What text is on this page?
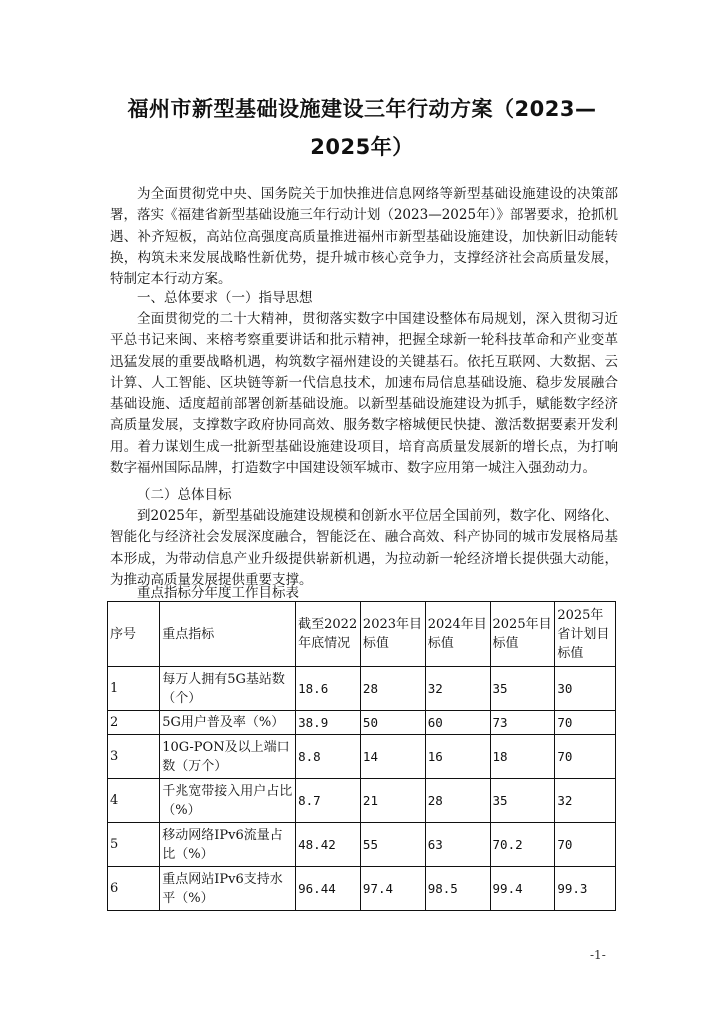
福州市新型基础设施建设三年行动方案（2023—2025年）

为全面贯彻党中央、国务院关于加快推进信息网络等新型基础设施建设的决策部署，落实《福建省新型基础设施三年行动计划（2023—2025年）》部署要求，抢抓机遇、补齐短板，高站位高强度高质量推进福州市新型基础设施建设，加快新旧动能转换，构筑未来发展战略性新优势，提升城市核心竞争力，支撑经济社会高质量发展，特制定本行动方案。

一、总体要求（一）指导思想

全面贯彻党的二十大精神，贯彻落实数字中国建设整体布局规划，深入贯彻习近平总书记来闽、来榕考察重要讲话和批示精神，把握全球新一轮科技革命和产业变革迅猛发展的重要战略机遇，构筑数字福州建设的关键基石。依托互联网、大数据、云计算、人工智能、区块链等新一代信息技术，加速布局信息基础设施、稳步发展融合基础设施、适度超前部署创新基础设施。以新型基础设施建设为抓手，赋能数字经济高质量发展，支撑数字政府协同高效、服务数字榕城便民快捷、激活数据要素开发利用。着力谋划生成一批新型基础设施建设项目，培育高质量发展新的增长点，为打响数字福州国际品牌，打造数字中国建设领军城市、数字应用第一城注入强劲动力。

（二）总体目标

到2025年，新型基础设施建设规模和创新水平位居全国前列，数字化、网络化、智能化与经济社会发展深度融合，智能泛在、融合高效、科产协同的城市发展格局基本形成，为带动信息产业升级提供崭新机遇，为拉动新一轮经济增长提供强大动能，为推动高质量发展提供重要支撑。

重点指标分年度工作目标表
序号	重点指标	截至2022年底情况	2023年目标值	2024年目标值	2025年目标值	2025年省计划目标值
1	每万人拥有5G基站数（个）	18.6	28	32	35	30
2	5G用户普及率（%）	38.9	50	60	73	70
3	10G-PON及以上端口数（万个）	8.8	14	16	18	70
4	千兆宽带接入用户占比（%）	8.7	21	28	35	32
5	移动网络IPv6流量占比（%）	48.42	55	63	70.2	70
6	重点网站IPv6支持水平（%）	96.44	97.4	98.5	99.4	99.3
-1-
